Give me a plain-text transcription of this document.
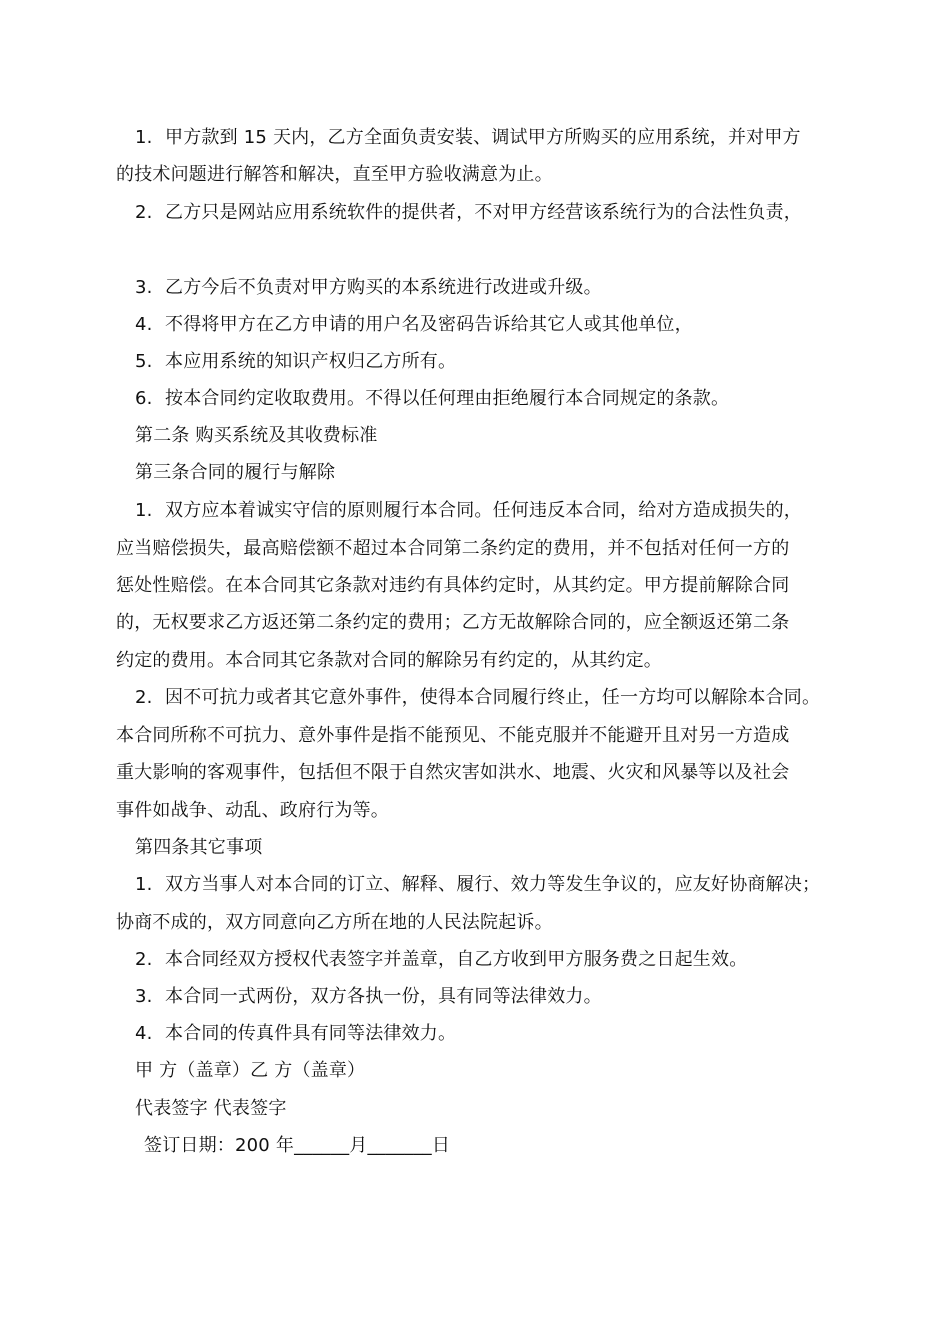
1. 甲方款到 15 天内，乙方全面负责安装、调试甲方所购买的应用系统，并对甲方
的技术问题进行解答和解决，直至甲方验收满意为止。
2. 乙方只是网站应用系统软件的提供者，不对甲方经营该系统行为的合法性负责，
3. 乙方今后不负责对甲方购买的本系统进行改进或升级。
4. 不得将甲方在乙方申请的用户名及密码告诉给其它人或其他单位，
5. 本应用系统的知识产权归乙方所有。
6. 按本合同约定收取费用。不得以任何理由拒绝履行本合同规定的条款。
第二条 购买系统及其收费标准
第三条合同的履行与解除
1. 双方应本着诚实守信的原则履行本合同。任何违反本合同，给对方造成损失的，
应当赔偿损失，最高赔偿额不超过本合同第二条约定的费用，并不包括对任何一方的
惩处性赔偿。在本合同其它条款对违约有具体约定时，从其约定。甲方提前解除合同
的，无权要求乙方返还第二条约定的费用；乙方无故解除合同的，应全额返还第二条
约定的费用。本合同其它条款对合同的解除另有约定的，从其约定。
2. 因不可抗力或者其它意外事件，使得本合同履行终止，任一方均可以解除本合同。
本合同所称不可抗力、意外事件是指不能预见、不能克服并不能避开且对另一方造成
重大影响的客观事件，包括但不限于自然灾害如洪水、地震、火灾和风暴等以及社会
事件如战争、动乱、政府行为等。
第四条其它事项
1. 双方当事人对本合同的订立、解释、履行、效力等发生争议的，应友好协商解决；
协商不成的，双方同意向乙方所在地的人民法院起诉。
2. 本合同经双方授权代表签字并盖章，自乙方收到甲方服务费之日起生效。
3. 本合同一式两份，双方各执一份，具有同等法律效力。
4. 本合同的传真件具有同等法律效力。
甲 方（盖章）乙 方（盖章）
代表签字 代表签字
签订日期：200 年______月_______日
